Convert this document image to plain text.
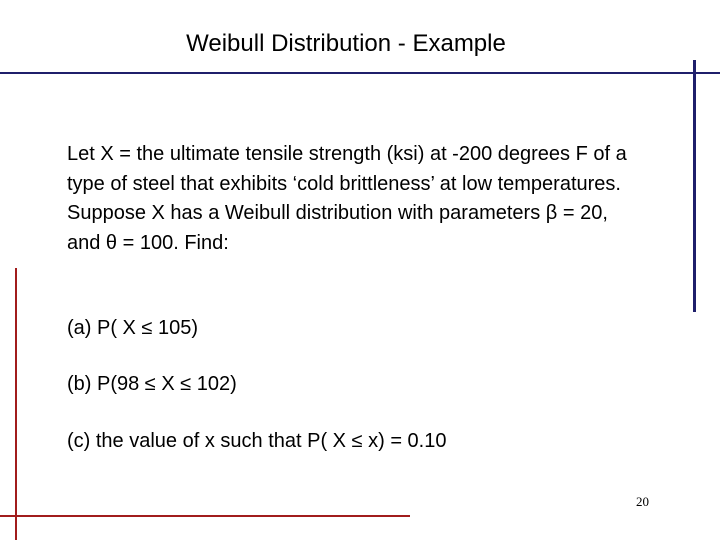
Weibull Distribution - Example
Let X = the ultimate tensile strength (ksi) at -200 degrees F of a type of steel that exhibits ‘cold brittleness’ at low temperatures. Suppose X has a Weibull distribution with parameters β = 20, and θ = 100. Find:
(a) P( X ≤ 105)
(b) P(98 ≤ X ≤ 102)
(c) the value of x such that P( X ≤ x) = 0.10
20
